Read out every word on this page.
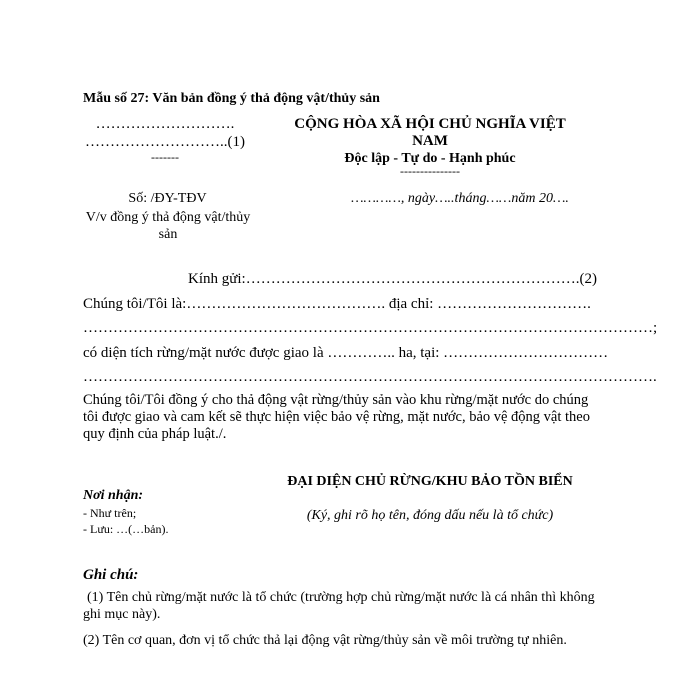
Mẫu số 27: Văn bản đồng ý thả động vật/thủy sản
……………………….
………………………..(1)
-------
CỘNG HÒA XÃ HỘI CHỦ NGHĨA VIỆT NAM
Độc lập - Tự do - Hạnh phúc
---------------
Số: /ĐY-TĐV
V/v đồng ý thả động vật/thủy sản
…………, ngày…..tháng……năm 20….
Kính gửi:………………………………………………………….(2)
Chúng tôi/Tôi là:…………………………………. địa chỉ: ………………………….
……………………………………………………………………………………………………;
có diện tích rừng/mặt nước được giao là ………….. ha, tại: ……………………………
…………………………………………………………………………………………………….
Chúng tôi/Tôi đồng ý cho thả động vật rừng/thủy sản vào khu rừng/mặt nước do chúng tôi được giao và cam kết sẽ thực hiện việc bảo vệ rừng, mặt nước, bảo vệ động vật theo quy định của pháp luật./.
Nơi nhận:
- Như trên;
- Lưu: …(…bản).
ĐẠI DIỆN CHỦ RỪNG/KHU BẢO TỒN BIỂN
(Ký, ghi rõ họ tên, đóng dấu nếu là tổ chức)
Ghi chú:
(1) Tên chủ rừng/mặt nước là tổ chức (trường hợp chủ rừng/mặt nước là cá nhân thì không ghi mục này).
(2) Tên cơ quan, đơn vị tổ chức thả lại động vật rừng/thủy sản về môi trường tự nhiên.
